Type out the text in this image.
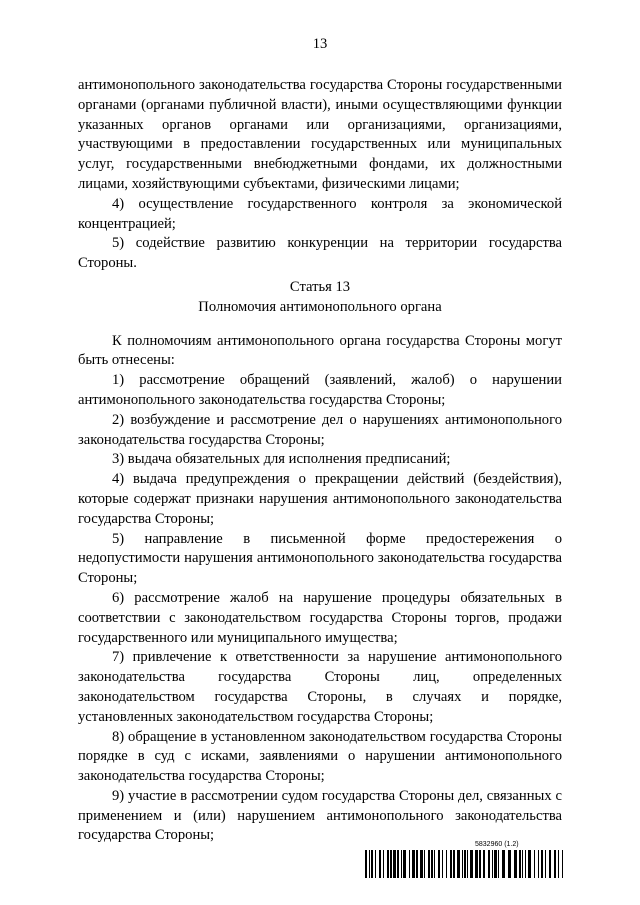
13

антимонопольного законодательства государства Стороны государственными органами (органами публичной власти), иными осуществляющими функции указанных органов органами или организациями, организациями, участвующими в предоставлении государственных или муниципальных услуг, государственными внебюджетными фондами, их должностными лицами, хозяйствующими субъектами, физическими лицами;

4) осуществление государственного контроля за экономической концентрацией;

5) содействие развитию конкуренции на территории государства Стороны.

Статья 13

Полномочия антимонопольного органа

К полномочиям антимонопольного органа государства Стороны могут быть отнесены:

1) рассмотрение обращений (заявлений, жалоб) о нарушении антимонопольного законодательства государства Стороны;

2) возбуждение и рассмотрение дел о нарушениях антимонопольного законодательства государства Стороны;

3) выдача обязательных для исполнения предписаний;

4) выдача предупреждения о прекращении действий (бездействия), которые содержат признаки нарушения антимонопольного законодательства государства Стороны;

5) направление в письменной форме предостережения о недопустимости нарушения антимонопольного законодательства государства Стороны;

6) рассмотрение жалоб на нарушение процедуры обязательных в соответствии с законодательством государства Стороны торгов, продажи государственного или муниципального имущества;

7) привлечение к ответственности за нарушение антимонопольного законодательства государства Стороны лиц, определенных законодательством государства Стороны, в случаях и порядке, установленных законодательством государства Стороны;

8) обращение в установленном законодательством государства Стороны порядке в суд с исками, заявлениями о нарушении антимонопольного законодательства государства Стороны;

9) участие в рассмотрении судом государства Стороны дел, связанных с применением и (или) нарушением антимонопольного законодательства государства Стороны;

5832960 (1.2)
